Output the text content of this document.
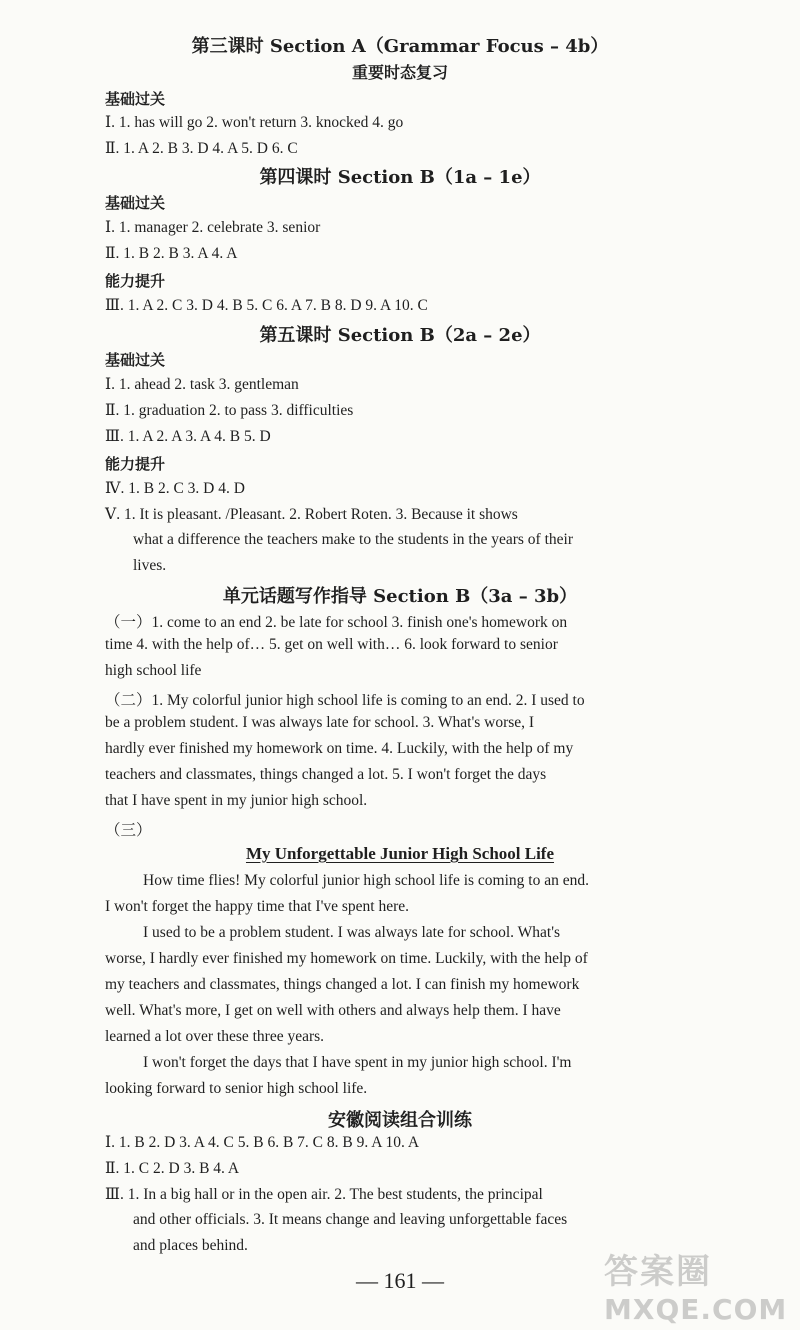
第三课时 Section A（Grammar Focus – 4b）
重要时态复习
基础过关
Ⅰ. 1. has will go 2. won't return 3. knocked 4. go
Ⅱ. 1. A 2. B 3. D 4. A 5. D 6. C
第四课时 Section B（1a – 1e）
基础过关
Ⅰ. 1. manager 2. celebrate 3. senior
Ⅱ. 1. B 2. B 3. A 4. A
能力提升
Ⅲ. 1. A 2. C 3. D 4. B 5. C 6. A 7. B 8. D 9. A 10. C
第五课时 Section B（2a – 2e）
基础过关
Ⅰ. 1. ahead 2. task 3. gentleman
Ⅱ. 1. graduation 2. to pass 3. difficulties
Ⅲ. 1. A 2. A 3. A 4. B 5. D
能力提升
Ⅳ. 1. B 2. C 3. D 4. D
Ⅴ. 1. It is pleasant. /Pleasant. 2. Robert Roten. 3. Because it shows
what a difference the teachers make to the students in the years of their
lives.
单元话题写作指导 Section B（3a – 3b）
（一）1. come to an end 2. be late for school 3. finish one's homework on
time 4. with the help of… 5. get on well with… 6. look forward to senior
high school life
（二）1. My colorful junior high school life is coming to an end. 2. I used to
be a problem student. I was always late for school. 3. What's worse, I
hardly ever finished my homework on time. 4. Luckily, with the help of my
teachers and classmates, things changed a lot. 5. I won't forget the days
that I have spent in my junior high school.
（三）
My Unforgettable Junior High School Life
How time flies! My colorful junior high school life is coming to an end.
I won't forget the happy time that I've spent here.
I used to be a problem student. I was always late for school. What's
worse, I hardly ever finished my homework on time. Luckily, with the help of
my teachers and classmates, things changed a lot. I can finish my homework
well. What's more, I get on well with others and always help them. I have
learned a lot over these three years.
I won't forget the days that I have spent in my junior high school. I'm
looking forward to senior high school life.
安徽阅读组合训练
Ⅰ. 1. B 2. D 3. A 4. C 5. B 6. B 7. C 8. B 9. A 10. A
Ⅱ. 1. C 2. D 3. B 4. A
Ⅲ. 1. In a big hall or in the open air. 2. The best students, the principal
and other officials. 3. It means change and leaving unforgettable faces
and places behind.
— 161 —	答案圈
MXQE.COM
